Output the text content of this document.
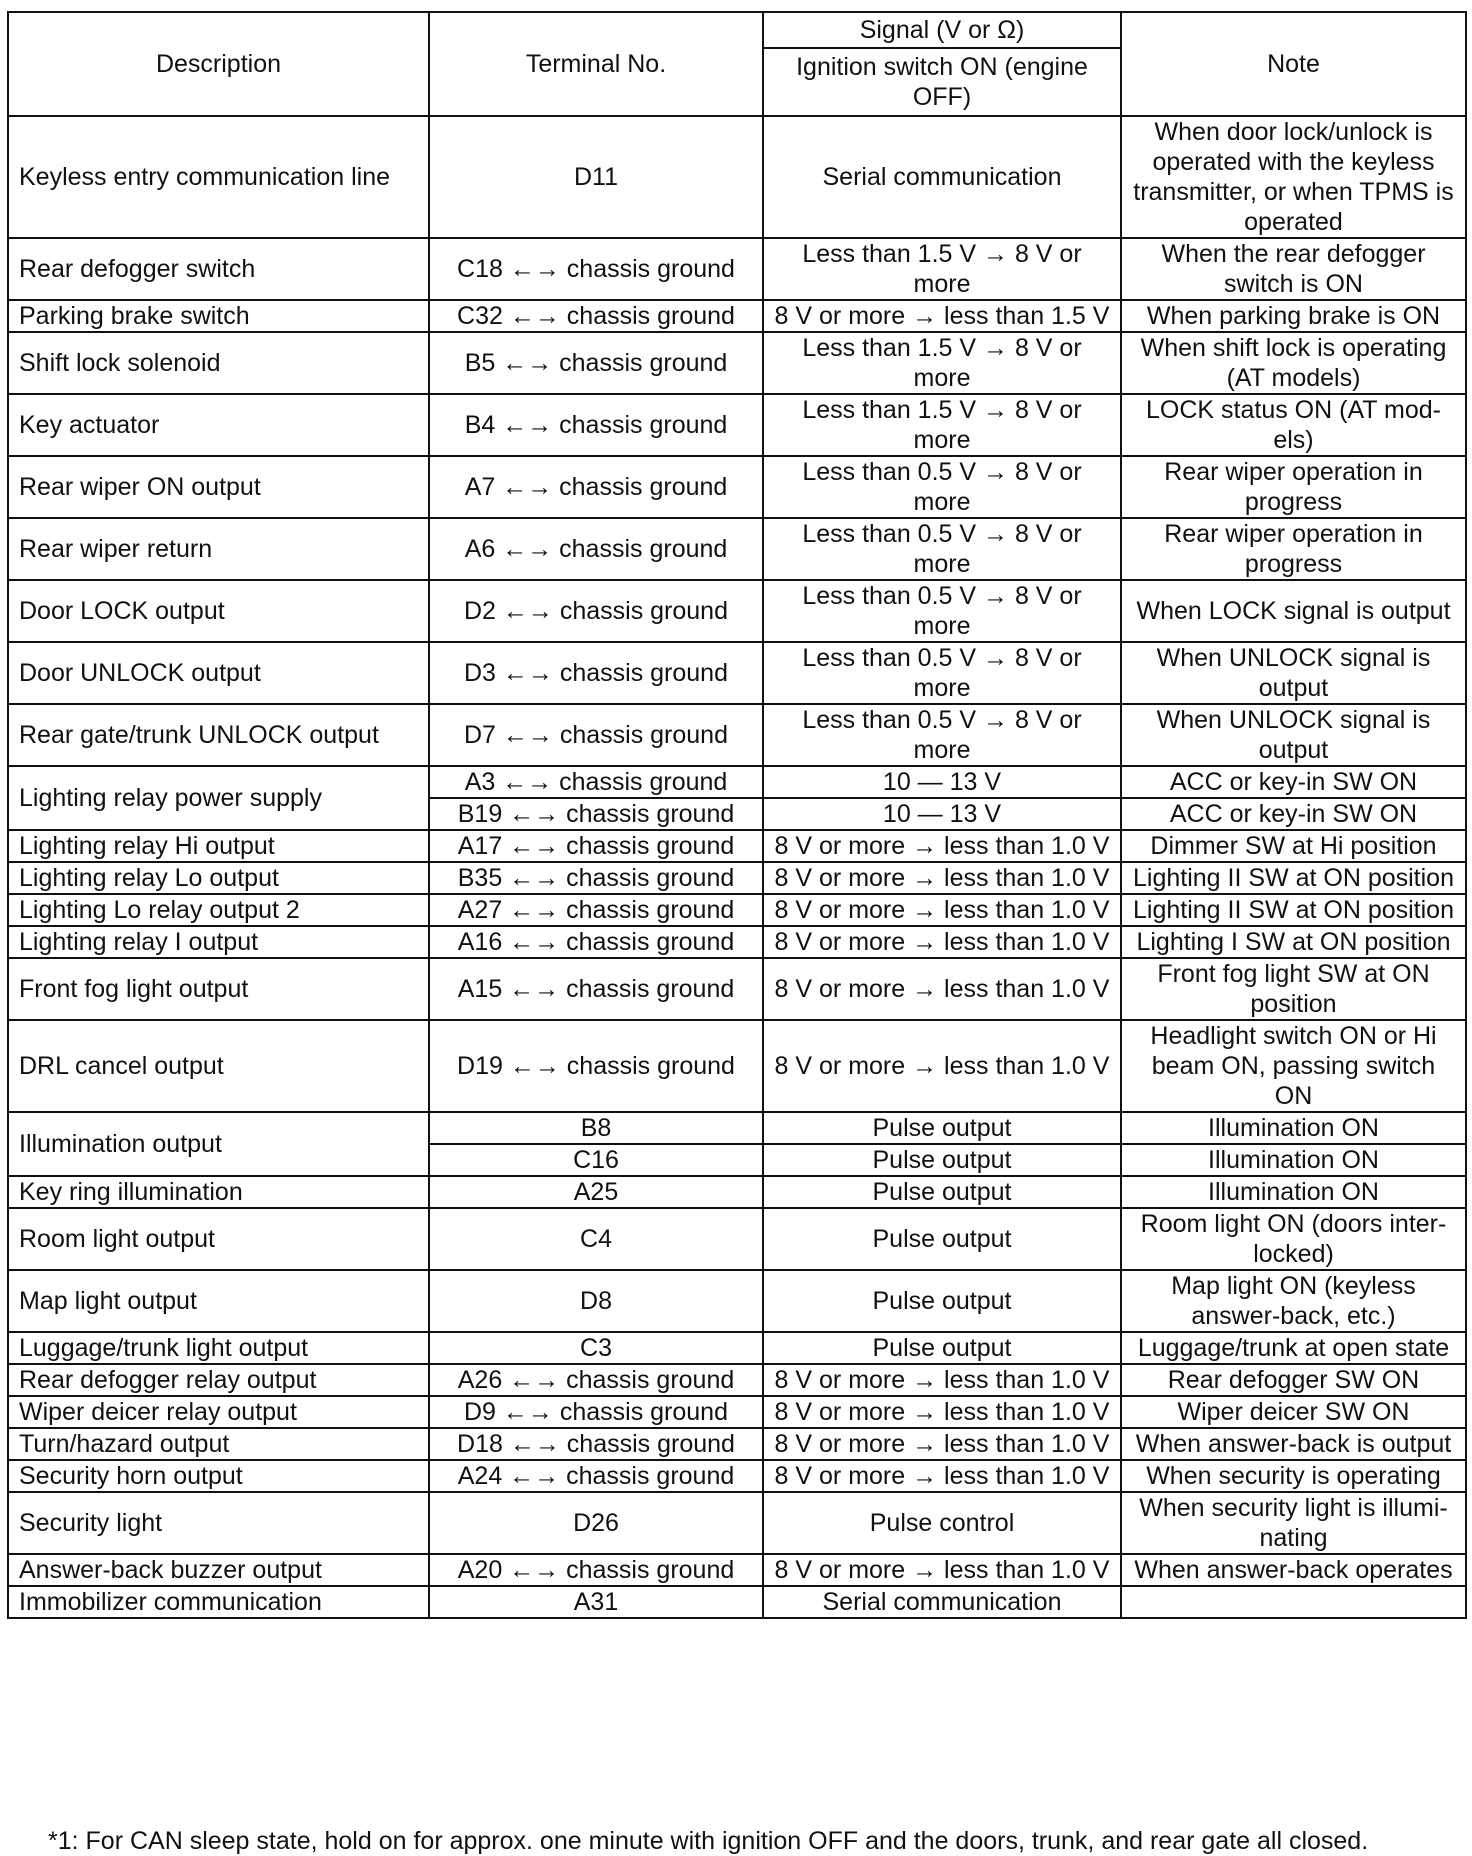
Description	Terminal No.	Signal (V or Ω)	Note
		Ignition switch ON (engine OFF)	
Keyless entry communication line	D11	Serial communication	When door lock/unlock is operated with the keyless transmitter, or when TPMS is operated
Rear defogger switch	C18 ←→ chassis ground	Less than 1.5 V → 8 V or more	When the rear defogger switch is ON
Parking brake switch	C32 ←→ chassis ground	8 V or more → less than 1.5 V	When parking brake is ON
Shift lock solenoid	B5 ←→ chassis ground	Less than 1.5 V → 8 V or more	When shift lock is operating (AT models)
Key actuator	B4 ←→ chassis ground	Less than 1.5 V → 8 V or more	LOCK status ON (AT mod-els)
Rear wiper ON output	A7 ←→ chassis ground	Less than 0.5 V → 8 V or more	Rear wiper operation in progress
Rear wiper return	A6 ←→ chassis ground	Less than 0.5 V → 8 V or more	Rear wiper operation in progress
Door LOCK output	D2 ←→ chassis ground	Less than 0.5 V → 8 V or more	When LOCK signal is output
Door UNLOCK output	D3 ←→ chassis ground	Less than 0.5 V → 8 V or more	When UNLOCK signal is output
Rear gate/trunk UNLOCK output	D7 ←→ chassis ground	Less than 0.5 V → 8 V or more	When UNLOCK signal is output
Lighting relay power supply	A3 ←→ chassis ground	10 — 13 V	ACC or key-in SW ON
	B19 ←→ chassis ground	10 — 13 V	ACC or key-in SW ON
Lighting relay Hi output	A17 ←→ chassis ground	8 V or more → less than 1.0 V	Dimmer SW at Hi position
Lighting relay Lo output	B35 ←→ chassis ground	8 V or more → less than 1.0 V	Lighting II SW at ON position
Lighting Lo relay output 2	A27 ←→ chassis ground	8 V or more → less than 1.0 V	Lighting II SW at ON position
Lighting relay I output	A16 ←→ chassis ground	8 V or more → less than 1.0 V	Lighting I SW at ON position
Front fog light output	A15 ←→ chassis ground	8 V or more → less than 1.0 V	Front fog light SW at ON position
DRL cancel output	D19 ←→ chassis ground	8 V or more → less than 1.0 V	Headlight switch ON or Hi beam ON, passing switch ON
Illumination output	B8	Pulse output	Illumination ON
	C16	Pulse output	Illumination ON
Key ring illumination	A25	Pulse output	Illumination ON
Room light output	C4	Pulse output	Room light ON (doors inter-locked)
Map light output	D8	Pulse output	Map light ON (keyless answer-back, etc.)
Luggage/trunk light output	C3	Pulse output	Luggage/trunk at open state
Rear defogger relay output	A26 ←→ chassis ground	8 V or more → less than 1.0 V	Rear defogger SW ON
Wiper deicer relay output	D9 ←→ chassis ground	8 V or more → less than 1.0 V	Wiper deicer SW ON
Turn/hazard output	D18 ←→ chassis ground	8 V or more → less than 1.0 V	When answer-back is output
Security horn output	A24 ←→ chassis ground	8 V or more → less than 1.0 V	When security is operating
Security light	D26	Pulse control	When security light is illumi-nating
Answer-back buzzer output	A20 ←→ chassis ground	8 V or more → less than 1.0 V	When answer-back operates
Immobilizer communication	A31	Serial communication	
*1: For CAN sleep state, hold on for approx. one minute with ignition OFF and the doors, trunk, and rear gate all closed.
